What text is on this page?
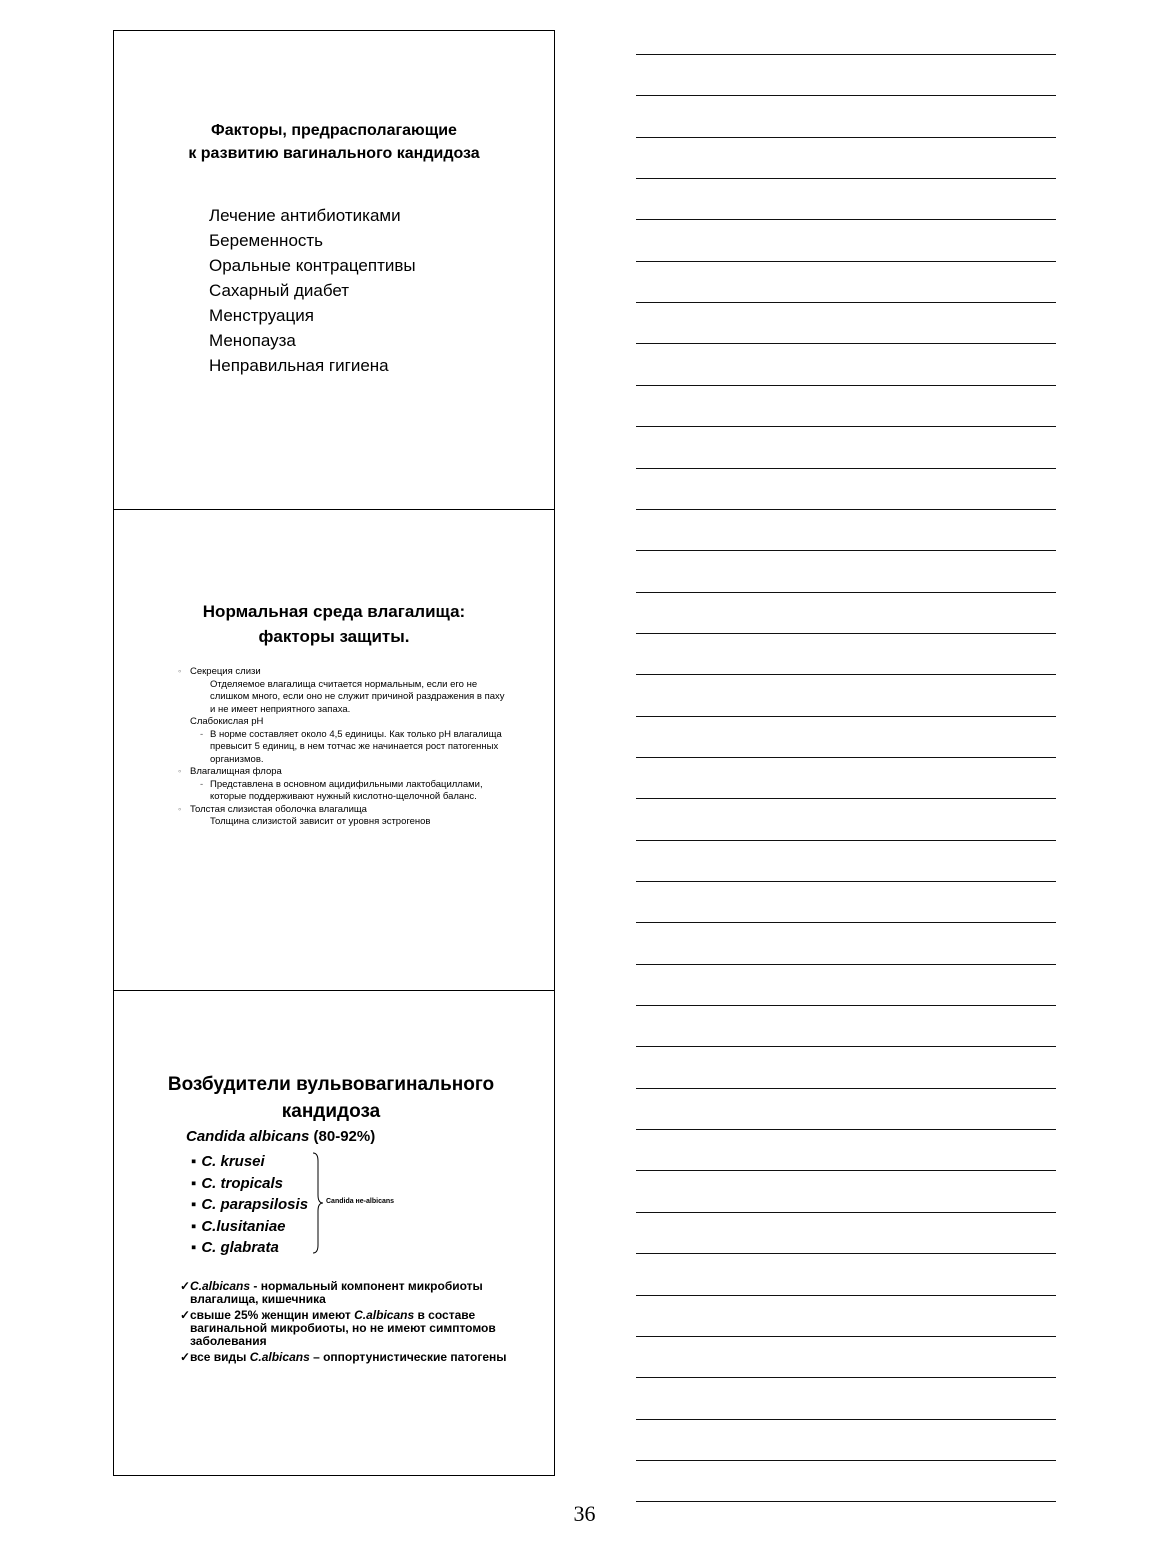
Факторы, предрасполагающие
к развитию вагинального кандидоза
Лечение антибиотиками
Беременность
Оральные контрацептивы
Сахарный диабет
Менструация
Менопауза
Неправильная гигиена
Нормальная среда влагалища:
факторы защиты.
◦ Секреция слизи
Отделяемое влагалища считается нормальным, если его не слишком много, если оно не служит причиной раздражения в паху и не имеет неприятного запаха.
Слабокислая pH
- В норме составляет около 4,5 единицы. Как только pH влагалища превысит 5 единиц, в нем тотчас же начинается рост патогенных организмов.
◦ Влагалищная флора
- Представлена в основном ацидифильными лактобациллами, которые поддерживают нужный кислотно-щелочной баланс.
◦ Толстая слизистая оболочка влагалища
Толщина слизистой зависит от уровня эстрогенов
Возбудители вульвовагинального
кандидоза
Candida albicans (80-92%)
▪ C. krusei
▪ C. tropicals
▪ C. parapsilosis
▪ C.lusitaniae
▪ C. glabrata
Candida не-albicans
✓ C.albicans - нормальный компонент микробиоты влагалища, кишечника
✓ свыше 25% женщин имеют C.albicans в составе вагинальной микробиоты, но не имеют симптомов заболевания
✓ все виды C.albicans – оппортунистические патогены
36
